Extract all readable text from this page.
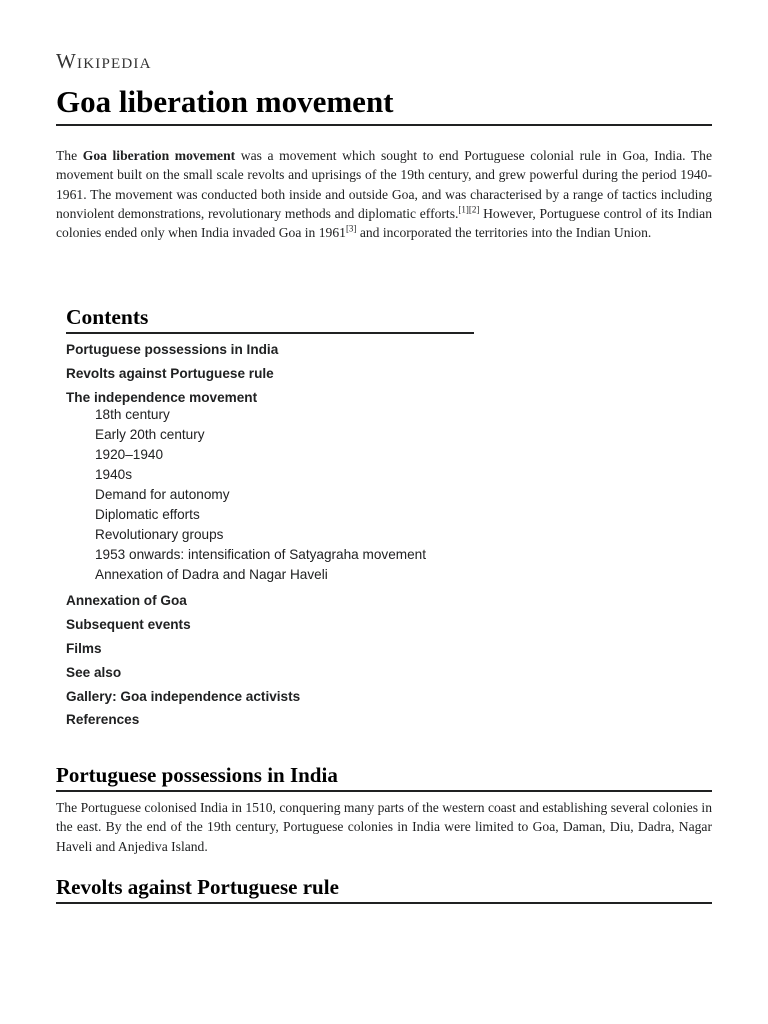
Wikipedia
Goa liberation movement

The Goa liberation movement was a movement which sought to end Portuguese colonial rule in Goa, India. The movement built on the small scale revolts and uprisings of the 19th century, and grew powerful during the period 1940-1961. The movement was conducted both inside and outside Goa, and was characterised by a range of tactics including nonviolent demonstrations, revolutionary methods and diplomatic efforts.[1][2] However, Portuguese control of its Indian colonies ended only when India invaded Goa in 1961[3] and incorporated the territories into the Indian Union.

Contents
Portuguese possessions in India
Revolts against Portuguese rule
The independence movement
18th century
Early 20th century
1920–1940
1940s
Demand for autonomy
Diplomatic efforts
Revolutionary groups
1953 onwards: intensification of Satyagraha movement
Annexation of Dadra and Nagar Haveli
Annexation of Goa
Subsequent events
Films
See also
Gallery: Goa independence activists
References
Portuguese possessions in India

The Portuguese colonised India in 1510, conquering many parts of the western coast and establishing several colonies in the east. By the end of the 19th century, Portuguese colonies in India were limited to Goa, Daman, Diu, Dadra, Nagar Haveli and Anjediva Island.

Revolts against Portuguese rule
